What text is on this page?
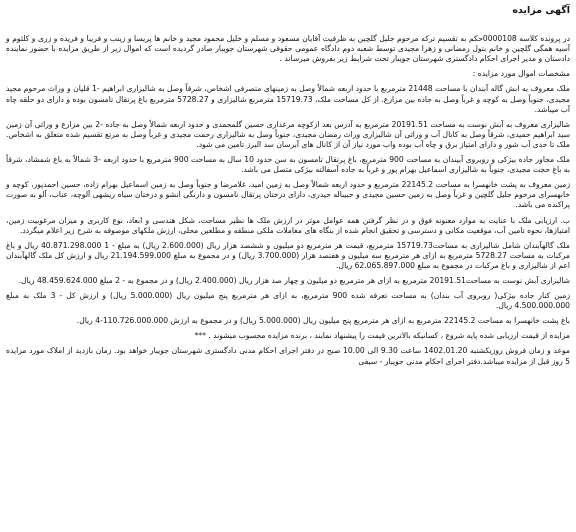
آگهی مزایده

در پرونده کلاسه 0000108حکم به تقسیم ترکه مرحوم جلیل گلچین به ظرفیت آقایان مسعود و مسلم و خلیل محمود مجید و خانم ها پریسا و زینب و فریبا و فریده و زری و کلثوم و آسیه همگی گلچین و خانم بتول رمضانی و زهرا مجیدی توسط شعبه دوم دادگاه عمومی حقوقی شهرستان جویبار صادر گردیده است که اموال زیر از طریق مزایده با حضور نماینده دادستان و مدیر اجرای احکام دادگستری شهرستان جویبار تحت شرایط زیر بفروش میرساند .

مشخصات اموال مورد مزایده :

ملک معروف به ابش گاله آبندان با مساحت 21448 مترمربع با حدود اربعه شمالاً وصل به زمینهای متصرفی اشخاص، شرقاً وصل به شالیزاری ابراهیم -1 قلیان و وراث مرحوم مجید مجیدی، جنوباً وصل به کوچه و غرباً وصل به جاده بین مزارع. از کل مساحت ملک، 15719.73 مترمربع شالیزاری و 5728.27 مترمربع باغ پرتقال تامسون بوده و دارای دو حلقه چاه آب میباشد.

شالیزاری معروف به آبش نوست به مساحت 20191.51 مترمربع به آدرس بعد ازکوچه مرغداری حسین گلمحمدی و حدود اربعه شمالاً وصل به جاده -2 بین مزارع و وراثی آن زمین سید ابراهیم حمیدی، شرقاً وصل به کانال آب و وراثی آن شالیزاری وراث رمضان مجیدی، جنوباً وصل به شالیزاری رحمت مجیدی و غرباً وصل به مرتع تقسیم شده متعلق به اشخاص. ملک تا حدی آب شور و دارای امتیاز برق و چاه آب بوده واب مورد نیاز آن از کانال های آبرسان سد البرز تامین می شود.

ملک مجاور جاده بیژکی و روبروی آبیندان به مساحت 900 مترمربع، باغ پرتقال تامسون به سن حدود 10 سال به مساحت 900 مترمربع با حدود اربعه -3 شمالاً به باغ شمشاد، شرقاً به باغ حجت مجیدی، جنوباً به شالیزاری اسماعیل بهرام پور و غرباً به جاده آسفالته بیژکی متصل می باشد.

زمین معروف به پشت خانهسرا به مساحت 22145.2 مترمربع و حدود اربعه شمالاً وصل به زمین امید، غلامرضا و جنوباً وصل به زمین اسماعیل بهرام زاده، حسین احمدپور، کوچه و خانهسرای مرحوم جلیل گلچین و غرباً وصل به زمین حسین مجیدی و حبیباله حیدری، دارای درختان پرتقال تامسون و دارنگی انشو و درختان سیاه ریشهی آلوچه، عناب، آلو به صورت پراکنده می باشد.

ب. ارزیابی ملک با عنایت به موارد معنونه فوق و در نظر گرفتن همه عوامل موثر در ارزش ملک ها نظیر مساحت، شکل هندسی و ابعاد، نوع کاربری و میزان مرغوبیت زمین، امتیازها، نحوه تامین آب، موقعیت مکانی و دسترسی و تحقیق انجام شده از بنگاه های معاملات ملکی منطقه و مطلعین محلی، ارزش ملکهای موصوفه به شرح زیر اعلام میگردد.

ملک گالهآبندان شامل شالیزاری به مساحت15719.73 مترمربع، قیمت هر مترمربع دو میلیون و ششصد هزار ریال (2.600.000 ریال) به مبلغ - 1 40.871.298.000 ریال و باغ مرکبات به مساحت 5728.27 مترمربع به ازای هر مترمربع سه میلیون و هفتصد هزار (3.700.000 ریال) و در مجموع به مبلغ 21.194.599.000 ریال و ارزش کل ملک گالهآبندان اعم از شالیزاری و باغ مرکبات در مجموع به مبلغ 62.065.897.000 ریال.

شالیزاری آبش نوست به مساحت20191.51 مترمربع به ازای هر مترمربع دو میلیون و چهار صد هزار ریال (2.400.000 ریال) و در مجموع به - 2 مبلغ 48.459.624.000 ریال.

زمین کنار جاده بیژکی( روبروی آب بندان) به مساحت تعرفه شده 900 مترمربع، به ازای هر مترمربع پنج میلیون ریال (5.000.000 ریال) و ارزش کل - 3 ملک به مبلغ 4.500.000.000 ریال.

باغ پشت خانهسرا به مساحت 22145.2 مترمربع به ازای هر مترمربع پنج میلیون ریال (5.000.000 ریال) و در مجموع به ارزش 110.726.000.000-4 ریال.

مزایده از قیمت ارزیابی شده پایه شروع ، کسانیکه بالاترین قیمت را پیشنهاد نمایند ، برنده مزایده محسوب میشوند . ***

موعد و زمان فروش روزیکشنبه 1402.01.20 ساعت 9.30 الی 10.00 صبح در دفتر اجرای احکام مدنی دادگستری شهرستان جویبار خواهد بود. زمان بازدید از املاک مورد مزایده 5 روز قبل از مزایده میباشد.دفتر اجرای احکام مدنی جویبار - سیفی
